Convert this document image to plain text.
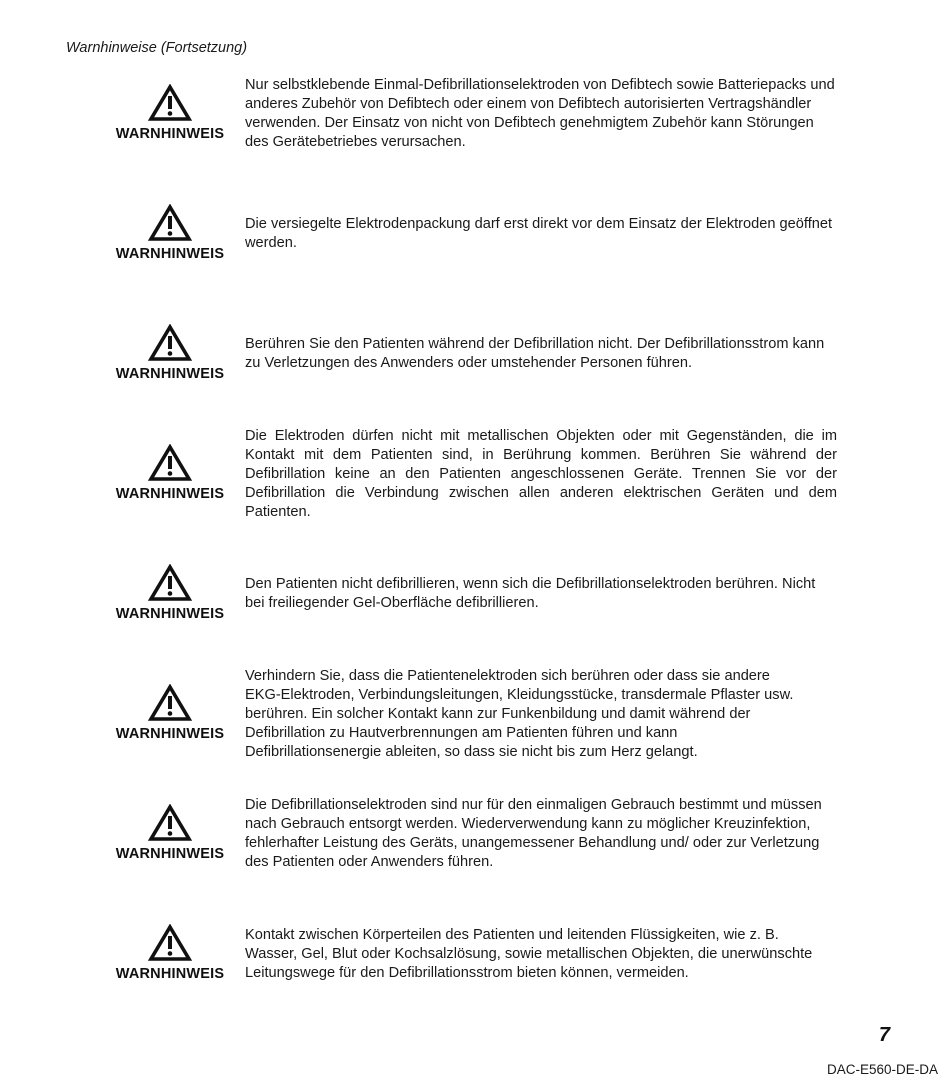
Warnhinweise (Fortsetzung)
WARNHINWEIS
Nur selbstklebende Einmal-Defibrillationselektroden von Defibtech sowie Batteriepacks und anderes Zubehör von Defibtech oder einem von Defibtech autorisierten Vertragshändler verwenden. Der Einsatz von nicht von Defibtech genehmigtem Zubehör kann Störungen des Gerätebetriebes verursachen.
WARNHINWEIS
Die versiegelte Elektrodenpackung darf erst direkt vor dem Einsatz der Elektroden geöffnet werden.
WARNHINWEIS
Berühren Sie den Patienten während der Defibrillation nicht. Der Defibrillationsstrom kann zu Verletzungen des Anwenders oder umstehender Personen führen.
WARNHINWEIS
Die Elektroden dürfen nicht mit metallischen Objekten oder mit Gegenständen, die im Kontakt mit dem Patienten sind, in Berührung kommen. Berühren Sie während der Defibrillation keine an den Patienten angeschlossenen Geräte. Trennen Sie vor der Defibrillation die Verbindung zwischen allen anderen elektrischen Geräten und dem Patienten.
WARNHINWEIS
Den Patienten nicht defibrillieren, wenn sich die Defibrillationselektroden berühren. Nicht bei freiliegender Gel-Oberfläche defibrillieren.
WARNHINWEIS
Verhindern Sie, dass die Patientenelektroden sich berühren oder dass sie andere EKG-Elektroden, Verbindungsleitungen, Kleidungsstücke, transdermale Pflaster usw. berühren. Ein solcher Kontakt kann zur Funkenbildung und damit während der Defibrillation zu Hautverbrennungen am Patienten führen und kann Defibrillationsenergie ableiten, so dass sie nicht bis zum Herz gelangt.
WARNHINWEIS
Die Defibrillationselektroden sind nur für den einmaligen Gebrauch bestimmt und müssen nach Gebrauch entsorgt werden. Wiederverwendung kann zu möglicher Kreuzinfektion, fehlerhafter Leistung des Geräts, unangemessener Behandlung und/ oder zur Verletzung des Patienten oder Anwenders führen.
WARNHINWEIS
Kontakt zwischen Körperteilen des Patienten und leitenden Flüssigkeiten, wie z. B. Wasser, Gel, Blut oder Kochsalzlösung, sowie metallischen Objekten, die unerwünschte Leitungswege für den Defibrillationsstrom bieten können, vermeiden.
7
DAC-E560-DE-DA
